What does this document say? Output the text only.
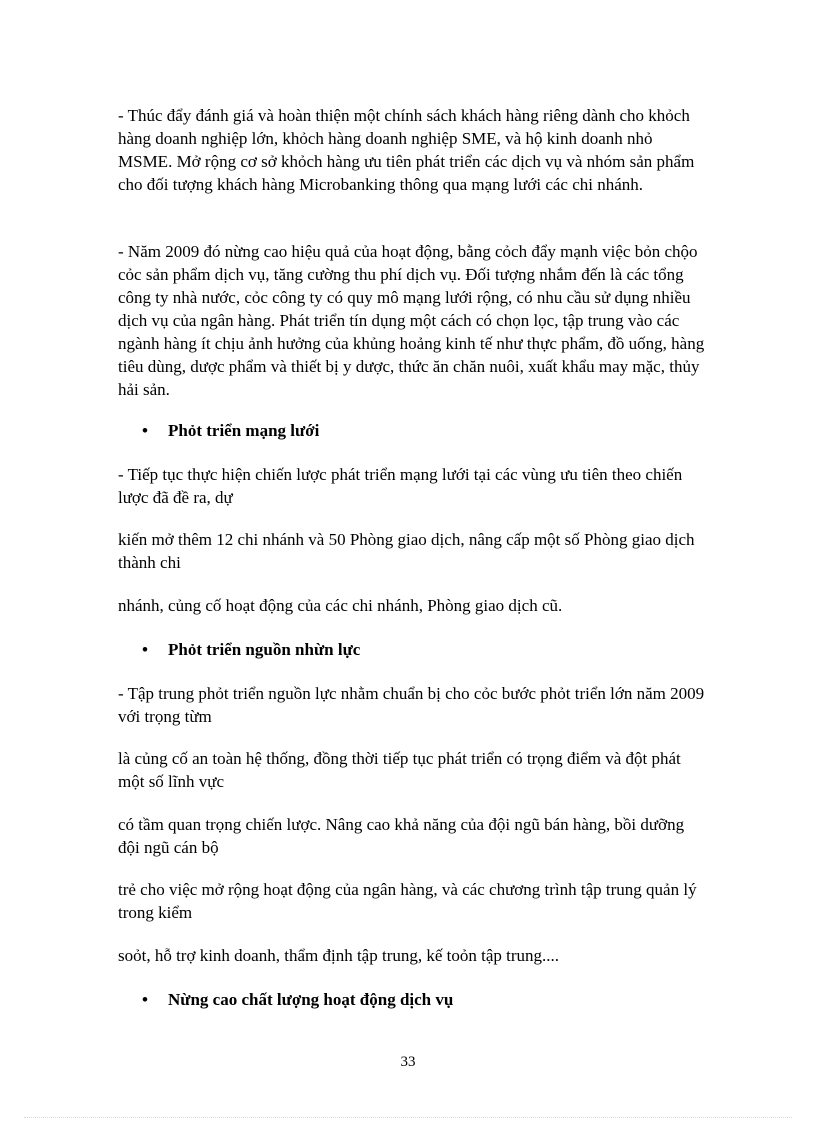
- Thúc đẩy đánh giá và hoàn thiện một chính sách khách hàng riêng dành cho khỏch hàng doanh nghiệp lớn, khỏch hàng doanh nghiệp SME, và hộ kinh doanh nhỏ MSME. Mở rộng cơ sở khỏch hàng ưu tiên phát triển các dịch vụ và nhóm sản phẩm cho đối tượng khách hàng Microbanking thông qua mạng lưới các chi nhánh.

- Năm 2009 đó nừng cao hiệu quả của hoạt động, bằng cỏch đẩy mạnh việc bỏn chộo cỏc sản phẩm dịch vụ, tăng cường thu phí dịch vụ. Đối tượng nhắm đến là các tổng công ty nhà nước, cỏc công ty có quy mô mạng lưới rộng, có nhu cầu sử dụng nhiều dịch vụ của ngân hàng. Phát triển tín dụng một cách có chọn lọc, tập trung vào các ngành hàng ít chịu ảnh hưởng của khủng hoảng kinh tế như thực phẩm, đồ uống, hàng tiêu dùng, dược phẩm và thiết bị y dược, thức ăn chăn nuôi, xuất khẩu may mặc, thủy hải sản.

• Phỏt triển mạng lưới

- Tiếp tục thực hiện chiến lược phát triển mạng lưới tại các vùng ưu tiên theo chiến lược đã đề ra, dự

kiến mở thêm 12 chi nhánh và 50 Phòng giao dịch, nâng cấp một số Phòng giao dịch thành chi

nhánh, củng cố hoạt động của các chi nhánh, Phòng giao dịch cũ.

• Phỏt triển nguồn nhừn lực

- Tập trung phỏt triển nguồn lực nhằm chuẩn bị cho cỏc bước phỏt triển lớn năm 2009 với trọng từm

là củng cố an toàn hệ thống, đồng thời tiếp tục phát triển có trọng điểm và đột phát một số lĩnh vực

có tầm quan trọng chiến lược. Nâng cao khả năng của đội ngũ bán hàng, bồi dưỡng đội ngũ cán bộ

trẻ cho việc mở rộng hoạt động của ngân hàng, và các chương trình tập trung quản lý trong kiểm

soỏt, hỗ trợ kinh doanh, thẩm định tập trung, kế toỏn tập trung....

• Nừng cao chất lượng hoạt động dịch vụ
33
